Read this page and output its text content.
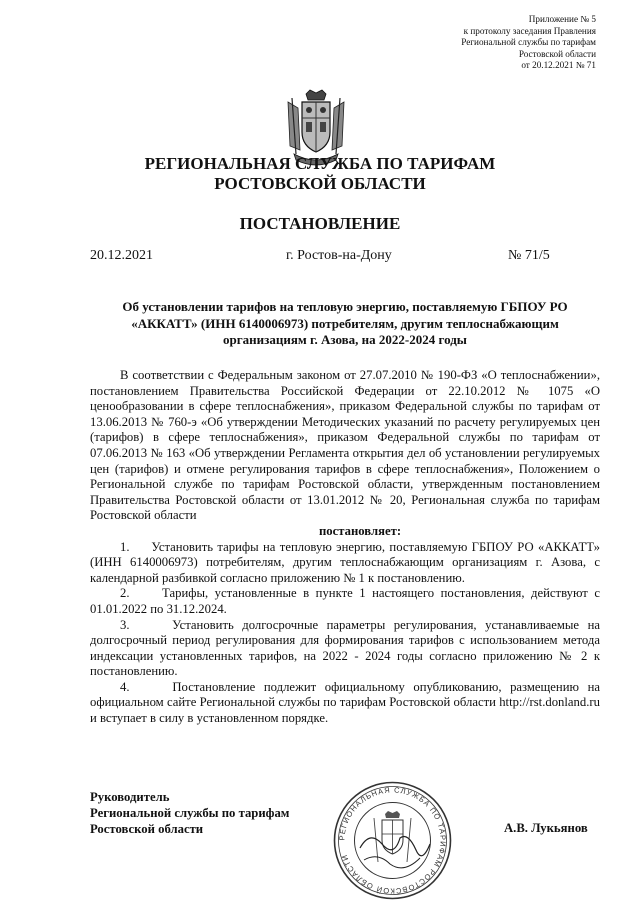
Приложение № 5
к протоколу заседания Правления
Региональной службы по тарифам
Ростовской области
от 20.12.2021 № 71
РЕГИОНАЛЬНАЯ СЛУЖБА ПО ТАРИФАМ
РОСТОВСКОЙ ОБЛАСТИ
ПОСТАНОВЛЕНИЕ
20.12.2021	г. Ростов-на-Дону	№ 71/5
Об установлении тарифов на тепловую энергию, поставляемую ГБПОУ РО «АККАТТ» (ИНН 6140006973) потребителям, другим теплоснабжающим организациям г. Азова, на 2022-2024 годы

В соответствии с Федеральным законом от 27.07.2010 № 190-ФЗ «О теплоснабжении», постановлением Правительства Российской Федерации от 22.10.2012 № 1075 «О ценообразовании в сфере теплоснабжения», приказом Федеральной службы по тарифам от 13.06.2013 № 760-э «Об утверждении Методических указаний по расчету регулируемых цен (тарифов) в сфере теплоснабжения», приказом Федеральной службы по тарифам от 07.06.2013 № 163 «Об утверждении Регламента открытия дел об установлении регулируемых цен (тарифов) и отмене регулирования тарифов в сфере теплоснабжения», Положением о Региональной службе по тарифам Ростовской области, утвержденным постановлением Правительства Ростовской области от 13.01.2012 № 20, Региональная служба по тарифам Ростовской области

постановляет:

1.     Установить тарифы на тепловую энергию, поставляемую ГБПОУ РО «АККАТТ» (ИНН 6140006973) потребителям, другим теплоснабжающим организациям г. Азова, с календарной разбивкой согласно приложению № 1 к постановлению.

2.     Тарифы, установленные в пункте 1 настоящего постановления, действуют с 01.01.2022 по 31.12.2024.

3.     Установить долгосрочные параметры регулирования, устанавливаемые на долгосрочный период регулирования для формирования тарифов с использованием метода индексации установленных тарифов, на 2022 - 2024 годы согласно приложению № 2 к постановлению.

4.     Постановление подлежит официальному опубликованию, размещению на официальном сайте Региональной службы по тарифам Ростовской области http://rst.donland.ru и вступает в силу в установленном порядке.

РЕГИОНАЛЬНАЯ СЛУЖБА ПО ТАРИФАМ РОСТОВСКОЙ ОБЛАСТИ
Руководитель
Региональной службы по тарифам
Ростовской области	А.В. Лукьянов
